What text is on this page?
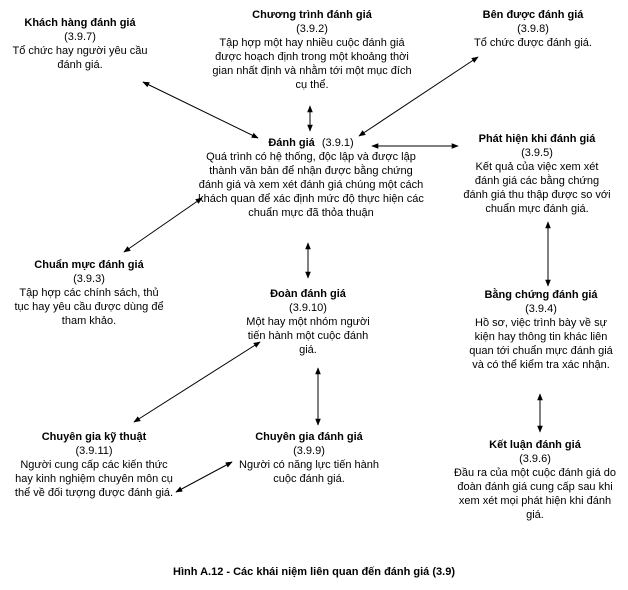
Khách hàng đánh giá
(3.9.7)
Tổ chức hay người yêu cầu đánh giá.
Chương trình đánh giá
(3.9.2)
Tập hợp một hay nhiều cuộc đánh giá được hoạch định trong một khoảng thời gian nhất định và nhằm tới một mục đích cụ thể.
Bên được đánh giá
(3.9.8)
Tổ chức được đánh giá.
Đánh giá (3.9.1)
Quá trình có hệ thống, độc lập và được lập thành văn bản để nhận được bằng chứng đánh giá và xem xét đánh giá chúng một cách khách quan để xác định mức độ thực hiện các chuẩn mực đã thỏa thuận
Phát hiện khi đánh giá
(3.9.5)
Kết quả của việc xem xét đánh giá các bằng chứng đánh giá thu thập được so với chuẩn mực đánh giá.
Chuẩn mực đánh giá
(3.9.3)
Tập hợp các chính sách, thủ tục hay yêu cầu được dùng để tham khảo.
Đoàn đánh giá
(3.9.10)
Một hay một nhóm người tiến hành một cuộc đánh giá.
Bằng chứng đánh giá
(3.9.4)
Hồ sơ, việc trình bày về sự kiện hay thông tin khác liên quan tới chuẩn mực đánh giá và có thể kiểm tra xác nhận.
Chuyên gia kỹ thuật
(3.9.11)
Người cung cấp các kiến thức hay kinh nghiệm chuyên môn cụ thể về đối tượng được đánh giá.
Chuyên gia đánh giá
(3.9.9)
Người có năng lực tiến hành cuộc đánh giá.
Kết luận đánh giá
(3.9.6)
Đầu ra của một cuộc đánh giá do đoàn đánh giá cung cấp sau khi xem xét mọi phát hiện khi đánh giá.
Hình A.12 - Các khái niệm liên quan đến đánh giá (3.9)
